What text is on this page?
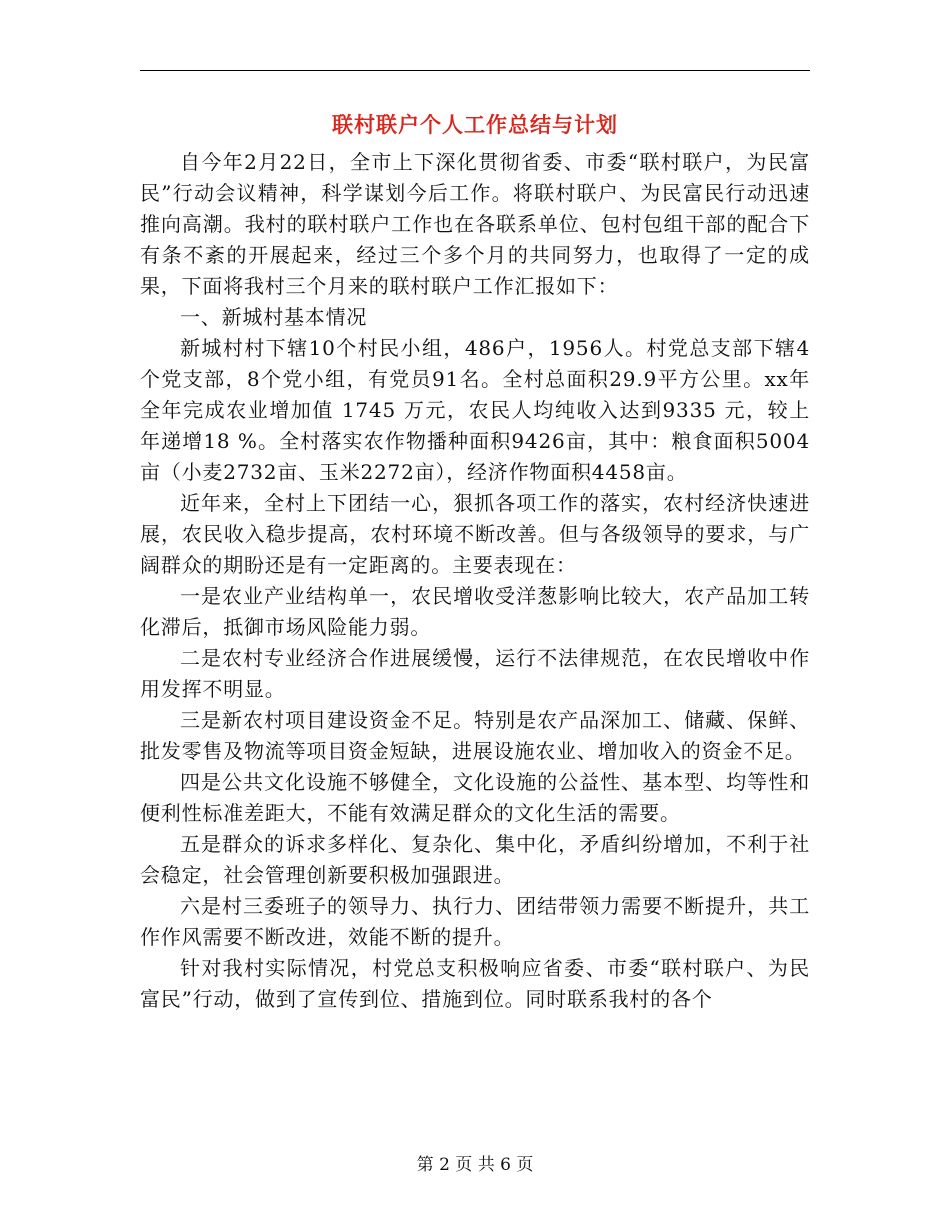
联村联户个人工作总结与计划

自今年2月22日，全市上下深化贯彻省委、市委“联村联户，为民富民”行动会议精神，科学谋划今后工作。将联村联户、为民富民行动迅速推向高潮。我村的联村联户工作也在各联系单位、包村包组干部的配合下有条不紊的开展起来，经过三个多个月的共同努力，也取得了一定的成果，下面将我村三个月来的联村联户工作汇报如下：

一、新城村基本情况

新城村村下辖10个村民小组，486户，1956人。村党总支部下辖4个党支部，8个党小组，有党员91名。全村总面积29.9平方公里。xx年全年完成农业增加值 1745 万元，农民人均纯收入达到9335 元，较上年递增18 %。全村落实农作物播种面积9426亩，其中：粮食面积5004亩（小麦2732亩、玉米2272亩），经济作物面积4458亩。

近年来，全村上下团结一心，狠抓各项工作的落实，农村经济快速进展，农民收入稳步提高，农村环境不断改善。但与各级领导的要求，与广阔群众的期盼还是有一定距离的。主要表现在：

一是农业产业结构单一，农民增收受洋葱影响比较大，农产品加工转化滞后，抵御市场风险能力弱。

二是农村专业经济合作进展缓慢，运行不法律规范，在农民增收中作用发挥不明显。

三是新农村项目建设资金不足。特别是农产品深加工、储藏、保鲜、批发零售及物流等项目资金短缺，进展设施农业、增加收入的资金不足。

四是公共文化设施不够健全，文化设施的公益性、基本型、均等性和便利性标准差距大，不能有效满足群众的文化生活的需要。

五是群众的诉求多样化、复杂化、集中化，矛盾纠纷增加，不利于社会稳定，社会管理创新要积极加强跟进。

六是村三委班子的领导力、执行力、团结带领力需要不断提升，共工作作风需要不断改进，效能不断的提升。

针对我村实际情况，村党总支积极响应省委、市委“联村联户、为民富民”行动，做到了宣传到位、措施到位。同时联系我村的各个

第 2 页 共 6 页
